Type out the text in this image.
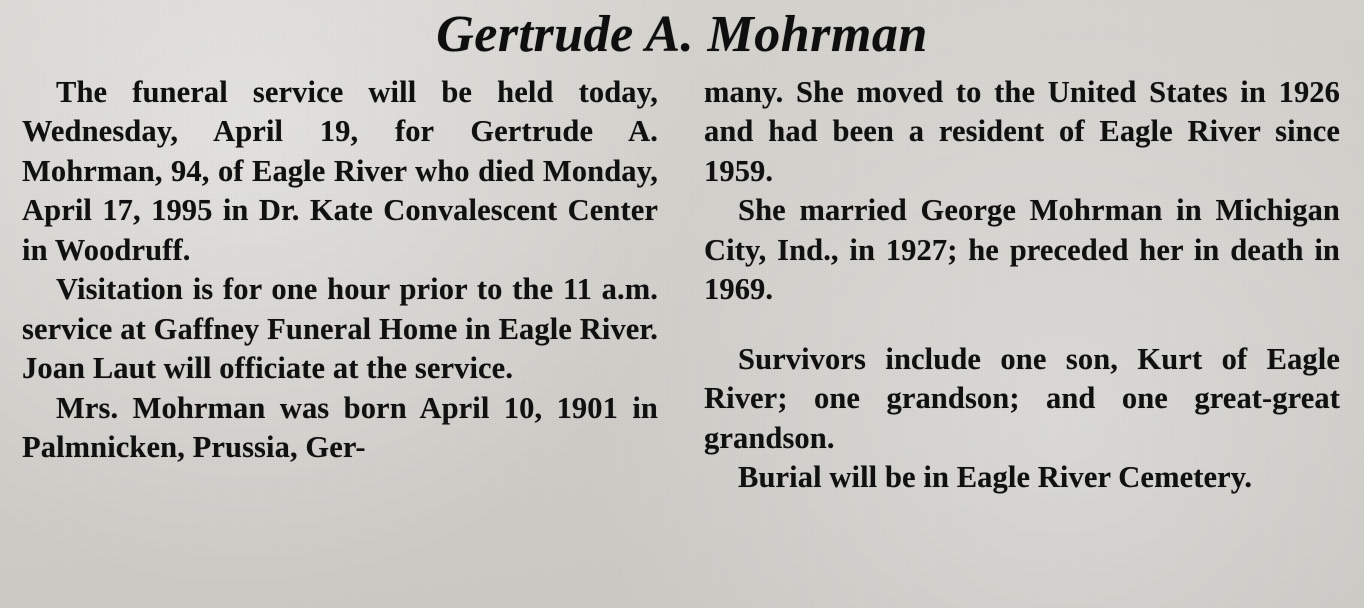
Gertrude A. Mohrman

The funeral service will be held today, Wednesday, April 19, for Gertrude A. Mohrman, 94, of Eagle River who died Monday, April 17, 1995 in Dr. Kate Convalescent Center in Woodruff.

Visitation is for one hour prior to the 11 a.m. service at Gaffney Funeral Home in Eagle River. Joan Laut will officiate at the service.

Mrs. Mohrman was born April 10, 1901 in Palmnicken, Prussia, Ger-

many. She moved to the United States in 1926 and had been a resident of Eagle River since 1959.

She married George Mohrman in Michigan City, Ind., in 1927; he preceded her in death in 1969.

Survivors include one son, Kurt of Eagle River; one grandson; and one great-great grandson.

Burial will be in Eagle River Cemetery.
